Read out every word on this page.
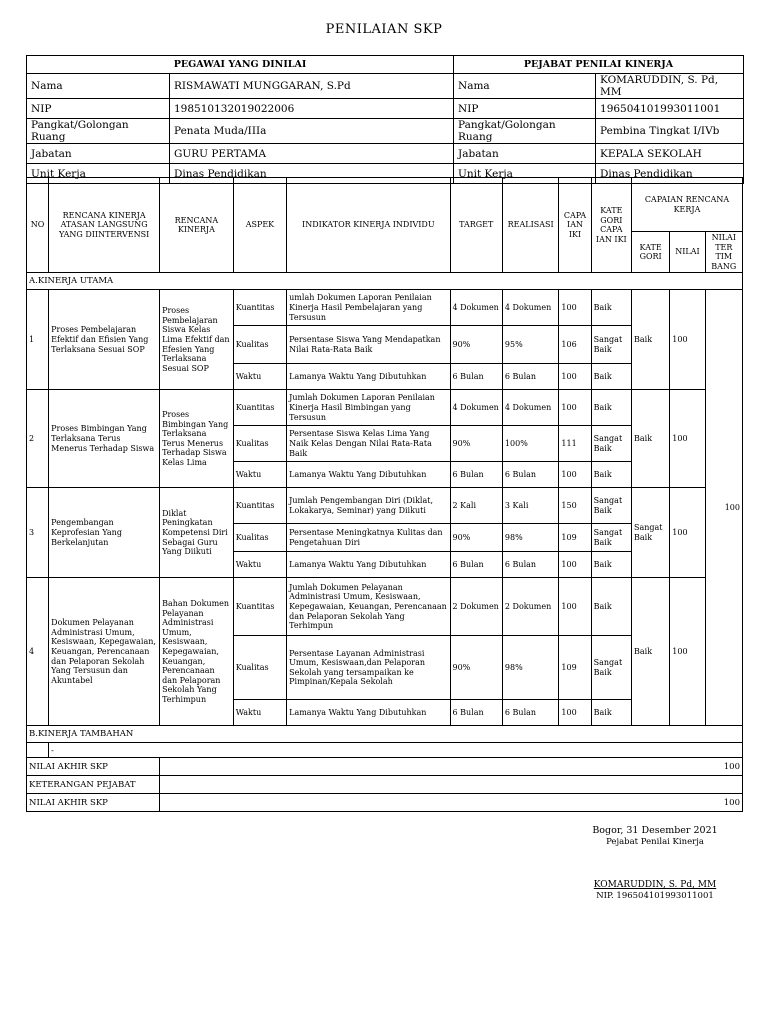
PENILAIAN SKP
PEGAWAI YANG DINILAI		PEJABAT PENILAI KINERJA	
Nama	RISMAWATI MUNGGARAN, S.Pd	Nama	KOMARUDDIN, S. Pd, MM
NIP	198510132019022006	NIP	196504101993011001
Pangkat/Golongan Ruang	Penata Muda/IIIa	Pangkat/Golongan Ruang	Pembina Tingkat I/IVb
Jabatan	GURU PERTAMA	Jabatan	KEPALA SEKOLAH
Unit Kerja	Dinas Pendidikan	Unit Kerja	Dinas Pendidikan
NO	RENCANA KINERJA ATASAN LANGSUNG YANG DIINTERVENSI	RENCANA KINERJA	ASPEK	INDIKATOR KINERJA INDIVIDU	TARGET	REALISASI	CAPA IAN IKI	KATE GORI CAPA IAN IKI	CAPAIAN RENCANA KERJA		
									KATE GORI	NILAI	NILAI TER TIM BANG
A.KINERJA UTAMA											
1	Proses Pembelajaran Efektif dan Efisien Yang Terlaksana Sesuai SOP	Proses Pembelajaran Siswa Kelas Lima Efektif dan Efesien Yang Terlaksana Sesuai SOP	Kuantitas	umlah Dokumen Laporan Penilaian Kinerja Hasil Pembelajaran yang Tersusun	4 Dokumen	4 Dokumen	100	Baik	Baik	100	100
			Kualitas	Persentase Siswa Yang Mendapatkan Nilai Rata-Rata Baik	90%	95%	106	Sangat Baik			
			Waktu	Lamanya Waktu Yang Dibutuhkan	6 Bulan	6 Bulan	100	Baik			
2	Proses Bimbingan Yang Terlaksana Terus Menerus Terhadap Siswa	Proses Bimbingan Yang Terlaksana Terus Menerus Terhadap Siswa Kelas Lima	Kuantitas	Jumlah Dokumen Laporan Penilaian Kinerja Hasil Bimbingan yang Tersusun	4 Dokumen	4 Dokumen	100	Baik	Baik	100	
			Kualitas	Persentase Siswa Kelas Lima Yang Naik Kelas Dengan Nilai Rata-Rata Baik	90%	100%	111	Sangat Baik			
			Waktu	Lamanya Waktu Yang Dibutuhkan	6 Bulan	6 Bulan	100	Baik			
3	Pengembangan Keprofesian Yang Berkelanjutan	Diklat Peningkatan Kompetensi Diri Sebagai Guru Yang Diikuti	Kuantitas	Jumlah Pengembangan Diri (Diklat, Lokakarya, Seminar) yang Diikuti	2 Kali	3 Kali	150	Sangat Baik	Sangat Baik	100	
			Kualitas	Persentase Meningkatnya Kulitas dan Pengetahuan Diri	90%	98%	109	Sangat Baik			
			Waktu	Lamanya Waktu Yang Dibutuhkan	6 Bulan	6 Bulan	100	Baik			
4	Dokumen Pelayanan Administrasi Umum, Kesiswaan, Kepegawaian, Keuangan, Perencanaan dan Pelaporan Sekolah Yang Tersusun dan Akuntabel	Bahan Dokumen Pelayanan Administrasi Umum, Kesiswaan, Kepegawaian, Keuangan, Perencanaan dan Pelaporan Sekolah Yang Terhimpun	Kuantitas	Jumlah Dokumen Pelayanan Administrasi Umum, Kesiswaan, Kepegawaian, Keuangan, Perencanaan dan Pelaporan Sekolah Yang Terhimpun	2 Dokumen	2 Dokumen	100	Baik	Baik	100	
			Kualitas	Persentase Layanan Administrasi Umum, Kesiswaan,dan Pelaporan Sekolah yang tersampaikan ke Pimpinan/Kepala Sekolah	90%	98%	109	Sangat Baik			
			Waktu	Lamanya Waktu Yang Dibutuhkan	6 Bulan	6 Bulan	100	Baik			
B.KINERJA TAMBAHAN											
	-										
NILAI AKHIR SKP		100									
KETERANGAN PEJABAT											
NILAI AKHIR SKP		100									
Bogor, 31 Desember 2021
Pejabat Penilai Kinerja
KOMARUDDIN, S. Pd, MM
NIP. 196504101993011001
